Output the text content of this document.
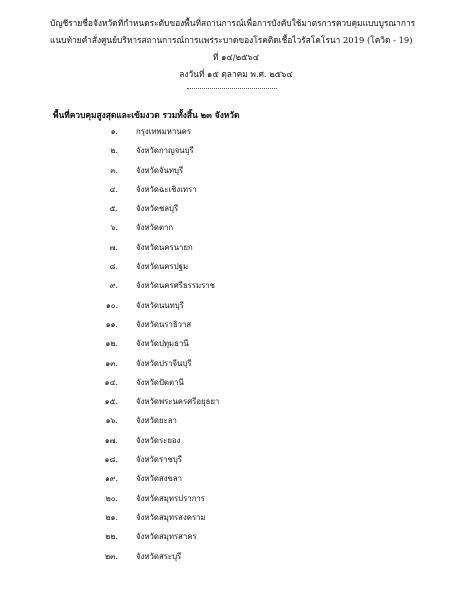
บัญชีรายชื่อจังหวัดที่กำหนดระดับของพื้นที่สถานการณ์เพื่อการบังคับใช้มาตรการควบคุมแบบบูรณาการ
แนบท้ายคำสั่งศูนย์บริหารสถานการณ์การแพร่ระบาดของโรคติดเชื้อไวรัสโคโรนา 2019 (โควิด - 19)
ที่ ๑๔/๒๕๖๔
ลงวันที่ ๑๕ ตุลาคม พ.ศ. ๒๕๖๔
พื้นที่ควบคุมสูงสุดและเข้มงวด รวมทั้งสิ้น ๒๓ จังหวัด
๑. กรุงเทพมหานคร
๒. จังหวัดกาญจนบุรี
๓. จังหวัดจันทบุรี
๔. จังหวัดฉะเชิงเทรา
๕. จังหวัดชลบุรี
๖. จังหวัดตาก
๗. จังหวัดนครนายก
๘. จังหวัดนครปฐม
๙. จังหวัดนครศรีธรรมราช
๑๐. จังหวัดนนทบุรี
๑๑. จังหวัดนราธิวาส
๑๒. จังหวัดปทุมธานี
๑๓. จังหวัดปราจีนบุรี
๑๔. จังหวัดปัตตานี
๑๕. จังหวัดพระนครศรีอยุธยา
๑๖. จังหวัดยะลา
๑๗. จังหวัดระยอง
๑๘. จังหวัดราชบุรี
๑๙. จังหวัดสงขลา
๒๐. จังหวัดสมุทรปราการ
๒๑. จังหวัดสมุทรสงคราม
๒๒. จังหวัดสมุทรสาคร
๒๓. จังหวัดสระบุรี
